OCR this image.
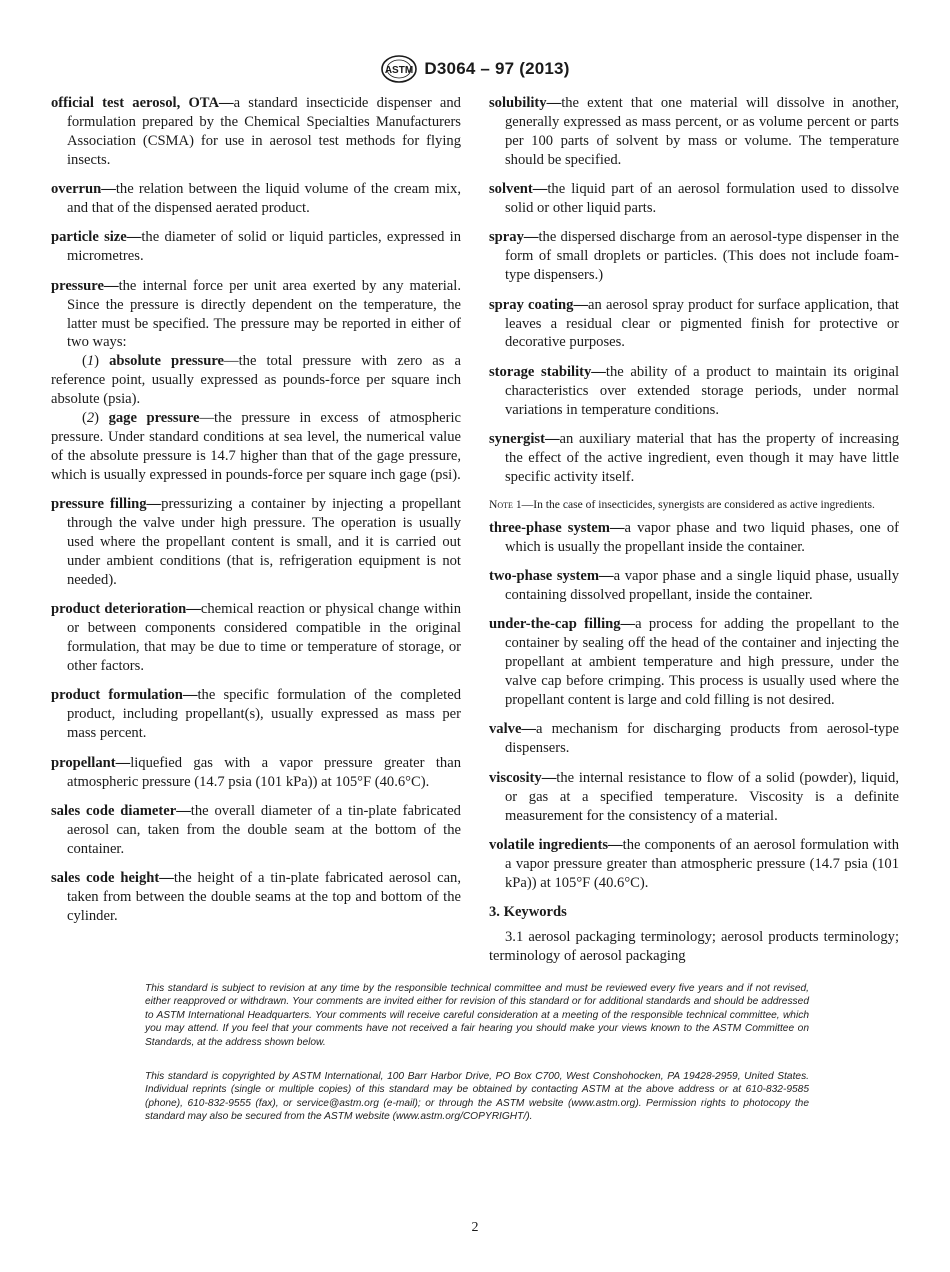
ASTM D3064 – 97 (2013)

official test aerosol, OTA—a standard insecticide dispenser and formulation prepared by the Chemical Specialties Manufacturers Association (CSMA) for use in aerosol test methods for flying insects.

overrun—the relation between the liquid volume of the cream mix, and that of the dispensed aerated product.

particle size—the diameter of solid or liquid particles, expressed in micrometres.

pressure—the internal force per unit area exerted by any material. Since the pressure is directly dependent on the temperature, the latter must be specified. The pressure may be reported in either of two ways:

(1) absolute pressure—the total pressure with zero as a reference point, usually expressed as pounds-force per square inch absolute (psia).

(2) gage pressure—the pressure in excess of atmospheric pressure. Under standard conditions at sea level, the numerical value of the absolute pressure is 14.7 higher than that of the gage pressure, which is usually expressed in pounds-force per square inch gage (psi).

pressure filling—pressurizing a container by injecting a propellant through the valve under high pressure. The operation is usually used where the propellant content is small, and it is carried out under ambient conditions (that is, refrigeration equipment is not needed).

product deterioration—chemical reaction or physical change within or between components considered compatible in the original formulation, that may be due to time or temperature of storage, or other factors.

product formulation—the specific formulation of the completed product, including propellant(s), usually expressed as mass per mass percent.

propellant—liquefied gas with a vapor pressure greater than atmospheric pressure (14.7 psia (101 kPa)) at 105°F (40.6°C).

sales code diameter—the overall diameter of a tin-plate fabricated aerosol can, taken from the double seam at the bottom of the container.

sales code height—the height of a tin-plate fabricated aerosol can, taken from between the double seams at the top and bottom of the cylinder.

solubility—the extent that one material will dissolve in another, generally expressed as mass percent, or as volume percent or parts per 100 parts of solvent by mass or volume. The temperature should be specified.

solvent—the liquid part of an aerosol formulation used to dissolve solid or other liquid parts.

spray—the dispersed discharge from an aerosol-type dispenser in the form of small droplets or particles. (This does not include foam-type dispensers.)

spray coating—an aerosol spray product for surface application, that leaves a residual clear or pigmented finish for protective or decorative purposes.

storage stability—the ability of a product to maintain its original characteristics over extended storage periods, under normal variations in temperature conditions.

synergist—an auxiliary material that has the property of increasing the effect of the active ingredient, even though it may have little specific activity itself.

Note 1—In the case of insecticides, synergists are considered as active ingredients.

three-phase system—a vapor phase and two liquid phases, one of which is usually the propellant inside the container.

two-phase system—a vapor phase and a single liquid phase, usually containing dissolved propellant, inside the container.

under-the-cap filling—a process for adding the propellant to the container by sealing off the head of the container and injecting the propellant at ambient temperature and high pressure, under the valve cap before crimping. This process is usually used where the propellant content is large and cold filling is not desired.

valve—a mechanism for discharging products from aerosol-type dispensers.

viscosity—the internal resistance to flow of a solid (powder), liquid, or gas at a specified temperature. Viscosity is a definite measurement for the consistency of a material.

volatile ingredients—the components of an aerosol formulation with a vapor pressure greater than atmospheric pressure (14.7 psia (101 kPa)) at 105°F (40.6°C).

3. Keywords

3.1 aerosol packaging terminology; aerosol products terminology; terminology of aerosol packaging

This standard is subject to revision at any time by the responsible technical committee and must be reviewed every five years and if not revised, either reapproved or withdrawn. Your comments are invited either for revision of this standard or for additional standards and should be addressed to ASTM International Headquarters. Your comments will receive careful consideration at a meeting of the responsible technical committee, which you may attend. If you feel that your comments have not received a fair hearing you should make your views known to the ASTM Committee on Standards, at the address shown below.

This standard is copyrighted by ASTM International, 100 Barr Harbor Drive, PO Box C700, West Conshohocken, PA 19428-2959, United States. Individual reprints (single or multiple copies) of this standard may be obtained by contacting ASTM at the above address or at 610-832-9585 (phone), 610-832-9555 (fax), or service@astm.org (e-mail); or through the ASTM website (www.astm.org). Permission rights to photocopy the standard may also be secured from the ASTM website (www.astm.org/COPYRIGHT/).

2
